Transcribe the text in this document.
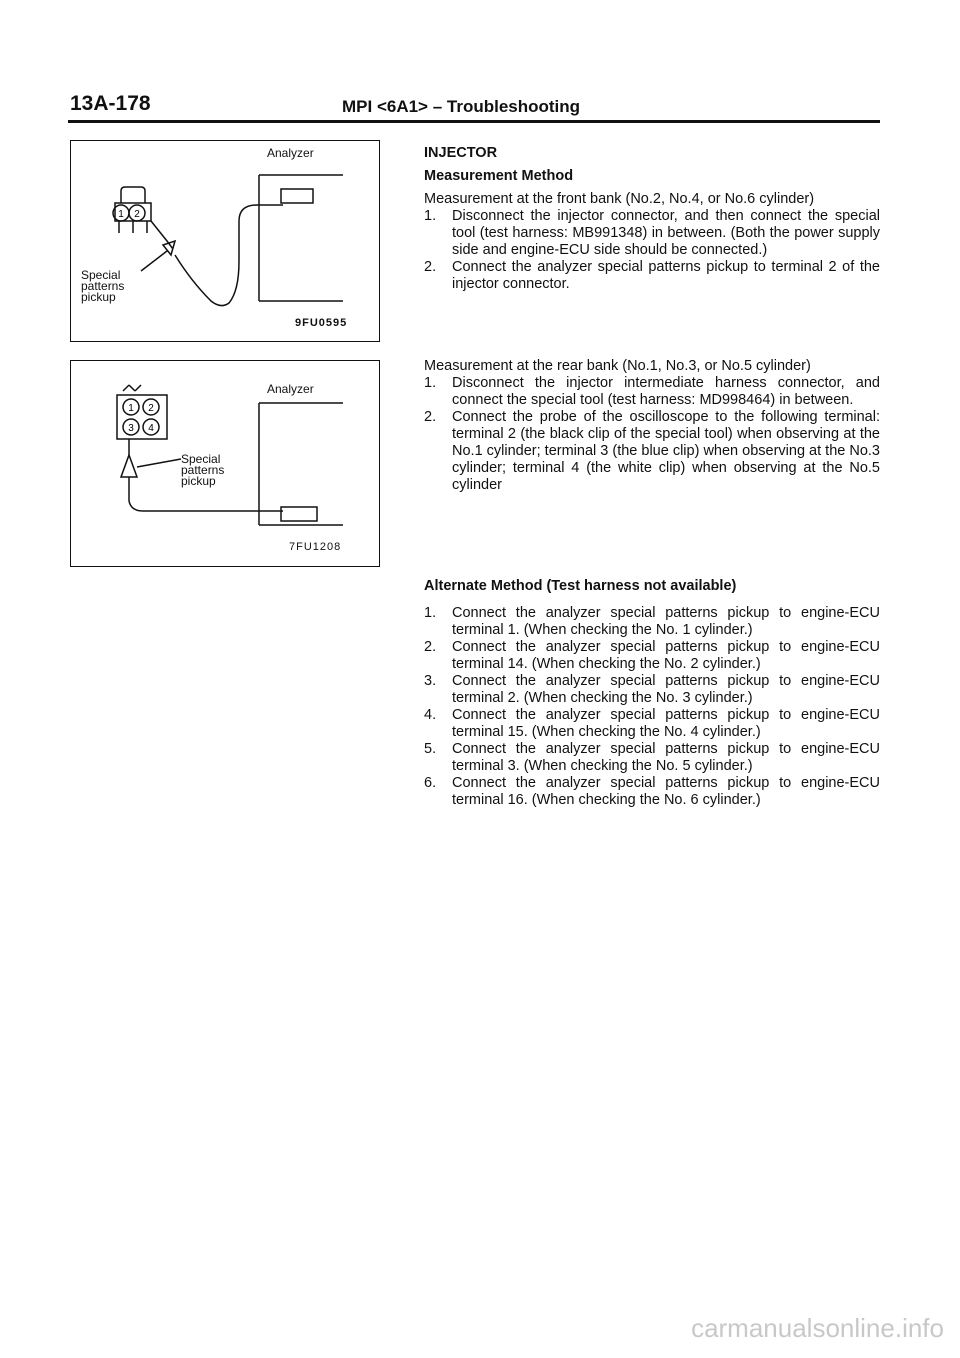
13A-178	MPI <6A1> – Troubleshooting
1 2
Analyzer
Special
patterns
pickup
9FU0595
1 2
3 4
Analyzer
Special
patterns
pickup
7FU1208

INJECTOR

Measurement Method

Measurement at the front bank (No.2, No.4, or No.6 cylinder)

1.	Disconnect the injector connector, and then connect the special tool (test harness: MB991348) in between. (Both the power supply side and engine-ECU side should be connected.)
2.	Connect the analyzer special patterns pickup to terminal 2 of the injector connector.

Measurement at the rear bank (No.1, No.3, or No.5 cylinder)

1.	Disconnect the injector intermediate harness connector, and connect the special tool (test harness: MD998464) in between.
2.	Connect the probe of the oscilloscope to the following terminal: terminal 2 (the black clip of the special tool) when observing at the No.1 cylinder; terminal 3 (the blue clip) when observing at the No.3 cylinder; terminal 4 (the white clip) when observing at the No.5 cylinder

Alternate Method (Test harness not available)

1.	Connect the analyzer special patterns pickup to engine-ECU terminal 1. (When checking the No. 1 cylinder.)
2.	Connect the analyzer special patterns pickup to engine-ECU terminal 14. (When checking the No. 2 cylinder.)
3.	Connect the analyzer special patterns pickup to engine-ECU terminal 2. (When checking the No. 3 cylinder.)
4.	Connect the analyzer special patterns pickup to engine-ECU terminal 15. (When checking the No. 4 cylinder.)
5.	Connect the analyzer special patterns pickup to engine-ECU terminal 3. (When checking the No. 5 cylinder.)
6.	Connect the analyzer special patterns pickup to engine-ECU terminal 16. (When checking the No. 6 cylinder.)
carmanualsonline.info
